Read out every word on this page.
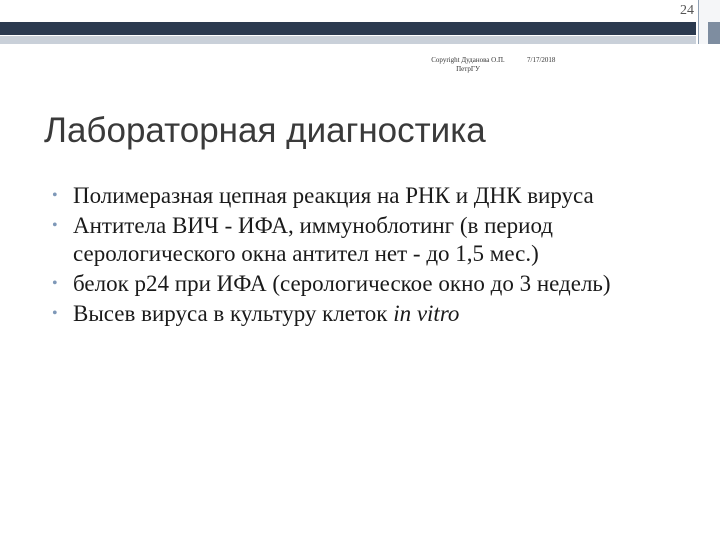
24
Copyright Дуданова О.П.
ПетрГУ
7/17/2018
Лабораторная диагностика
• Полимеразная цепная реакция на РНК и ДНК вируса
• Антитела ВИЧ - ИФА, иммуноблотинг (в период серологического окна антител нет - до 1,5 мес.)
• белок р24 при ИФА (серологическое окно до 3 недель)
• Высев вируса в культуру клеток in vitro
